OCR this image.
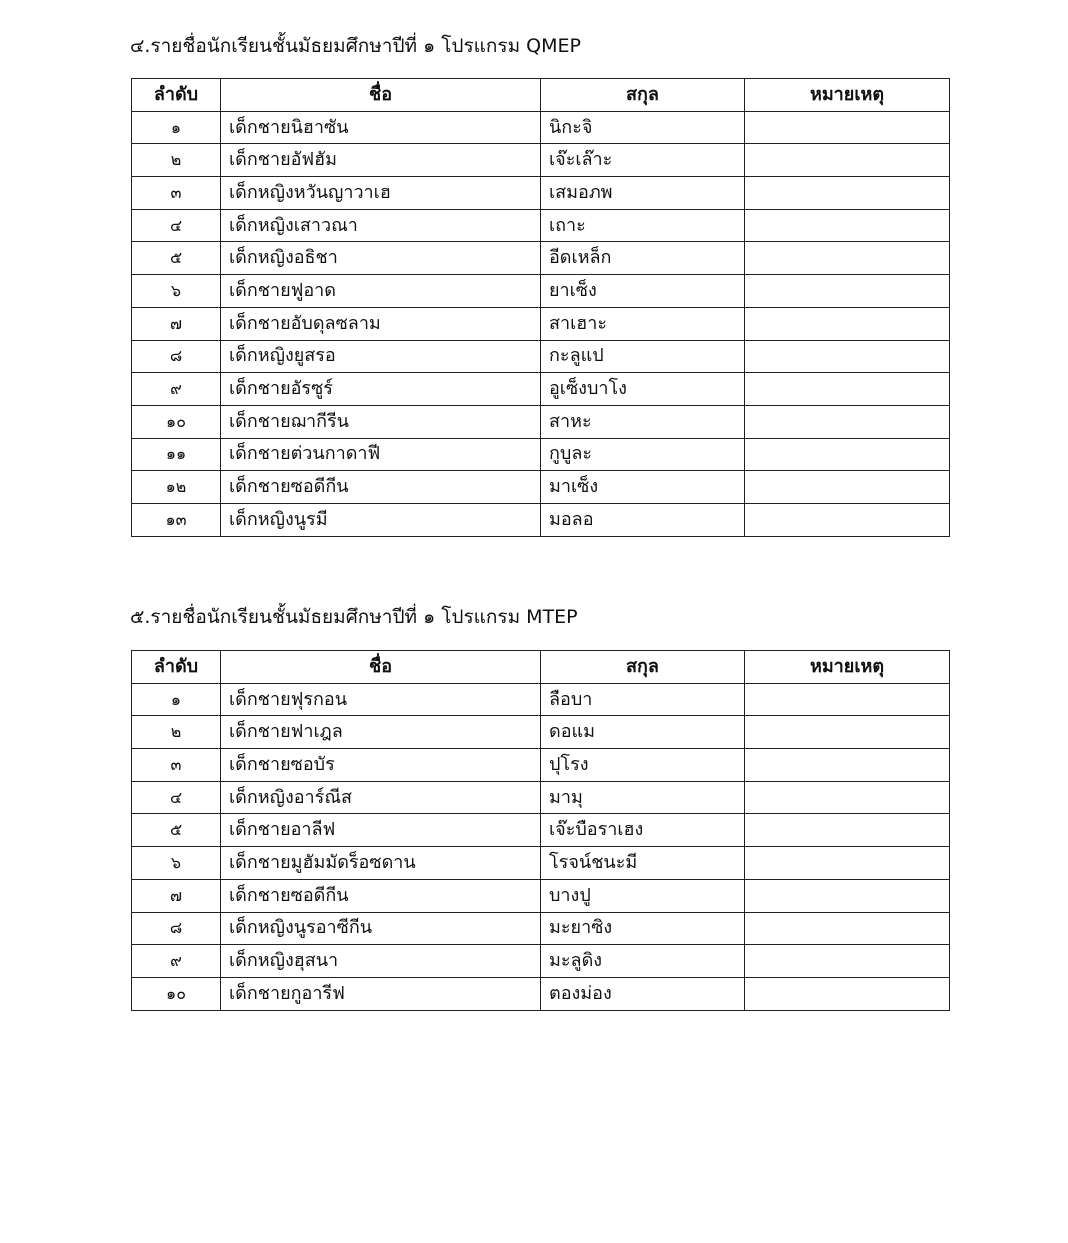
๔.รายชื่อนักเรียนชั้นมัธยมศึกษาปีที่ ๑ โปรแกรม QMEP
ลำดับ	ชื่อ	สกุล	หมายเหตุ
๑	เด็กชายนิฮาซัน	นิกะจิ	
๒	เด็กชายอัฟฮัม	เจ๊ะเล๊าะ	
๓	เด็กหญิงหวันญาวาเฮ	เสมอภพ	
๔	เด็กหญิงเสาวณา	เถาะ	
๕	เด็กหญิงอธิชา	อีดเหล็ก	
๖	เด็กชายฟูอาด	ยาเซ็ง	
๗	เด็กชายอับดุลซลาม	สาเฮาะ	
๘	เด็กหญิงยูสรอ	กะลูแป	
๙	เด็กชายอัรซูร์	อูเซ็งบาโง	
๑๐	เด็กชายฌากีรีน	สาหะ	
๑๑	เด็กชายต่วนกาดาฟี	กูบูละ	
๑๒	เด็กชายซอดีกีน	มาเซ็ง	
๑๓	เด็กหญิงนูรมี	มอลอ	
๕.รายชื่อนักเรียนชั้นมัธยมศึกษาปีที่ ๑ โปรแกรม MTEP
ลำดับ	ชื่อ	สกุล	หมายเหตุ
๑	เด็กชายฟุรกอน	ลือบา	
๒	เด็กชายฟาเฎล	ดอแม	
๓	เด็กชายซอบัร	ปุโรง	
๔	เด็กหญิงอาร์ณีส	มามุ	
๕	เด็กชายอาลีฟ	เจ๊ะบือราเฮง	
๖	เด็กชายมูฮัมมัดร็อซดาน	โรจน์ชนะมี	
๗	เด็กชายซอดีกีน	บางปู	
๘	เด็กหญิงนูรอาซีกีน	มะยาซิง	
๙	เด็กหญิงฮุสนา	มะลูดิง	
๑๐	เด็กชายกูอารีฟ	ตองม่อง	
